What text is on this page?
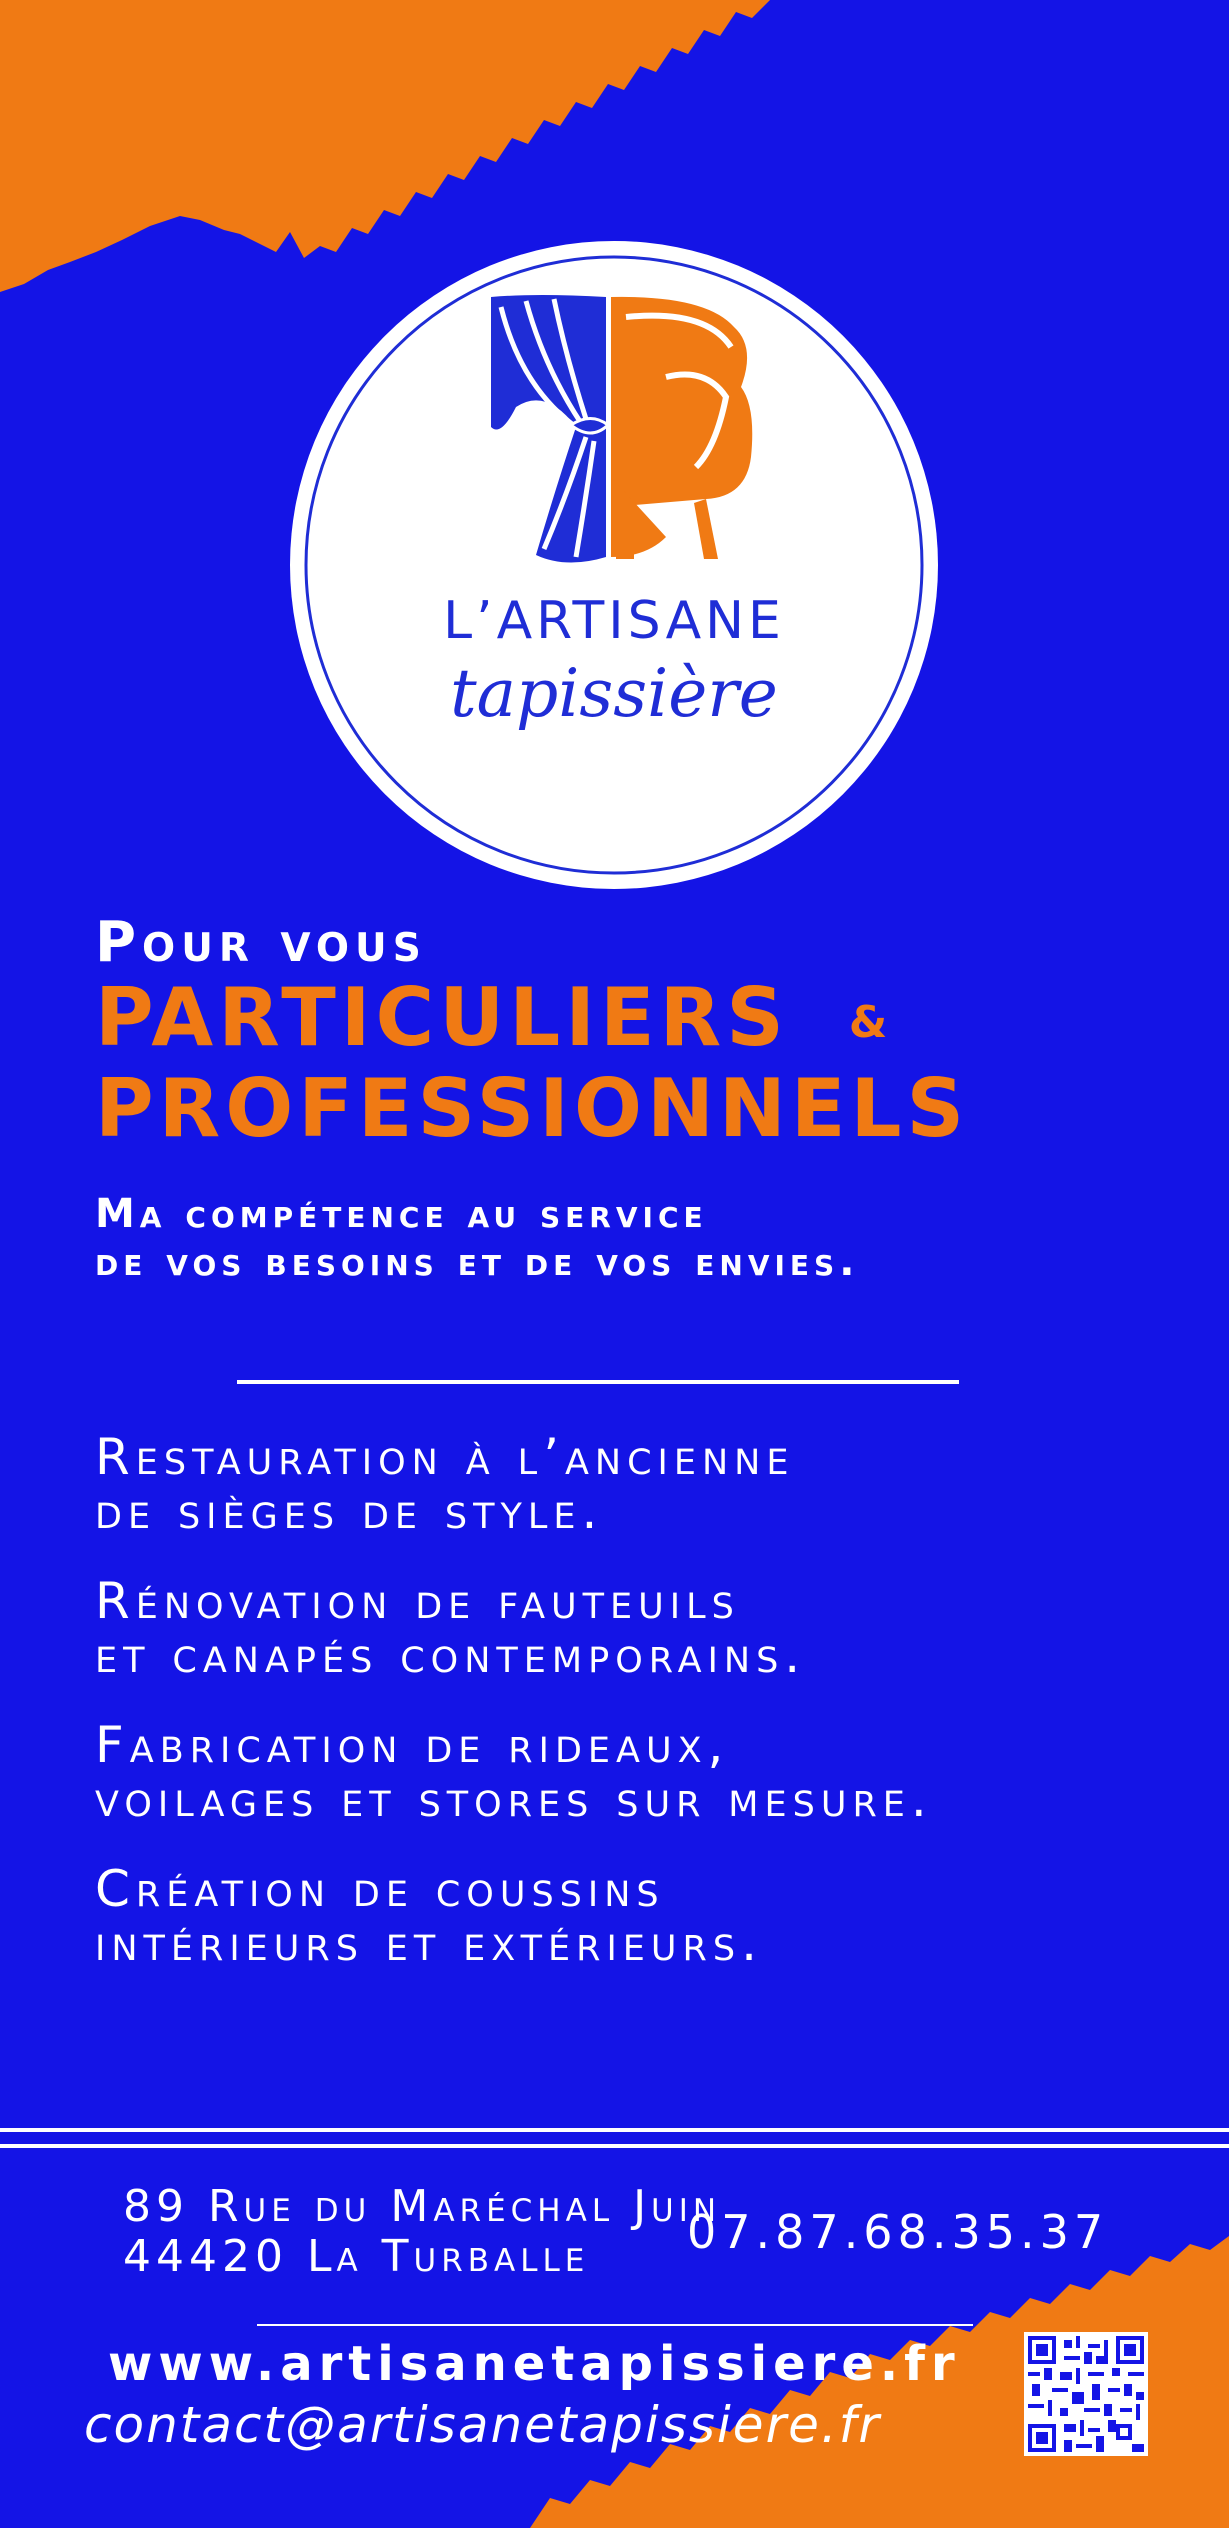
L’ARTISANE
tapissière
Pour vous
PARTICULIERS &
PROFESSIONNELS
Ma compétence au service
de vos besoins et de vos envies.
Restauration à l’ancienne
de sièges de style.
Rénovation de fauteuils
et canapés contemporains.
Fabrication de rideaux,
voilages et stores sur mesure.
Création de coussins
intérieurs et extérieurs.
89 Rue du Maréchal Juin
44420 La Turballe	07.87.68.35.37
www.artisanetapissiere.fr
contact@artisanetapissiere.fr
